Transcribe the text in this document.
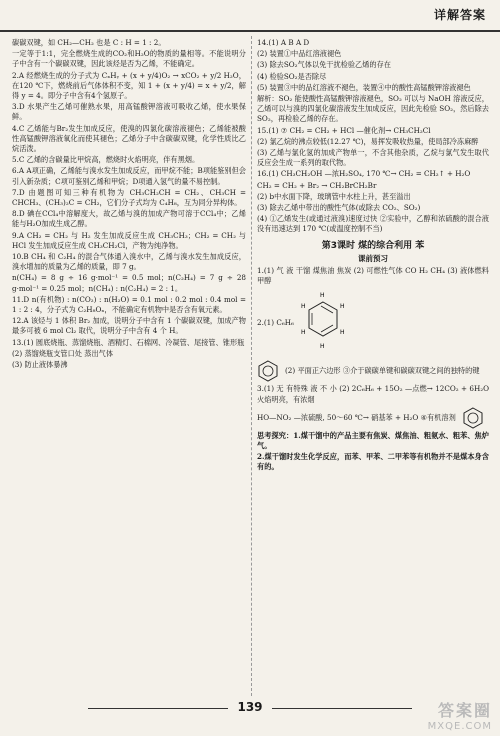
详解答案

碳碳双键，如 CH₂—CH₂ 也是 C : H = 1 : 2。

一定等于1:1，完全燃烧生成的CO₂和H₂O的物质的量相等。不能说明分子中含有一个碳碳双键，因此该烃是否为乙烯，不能确定。

2.A 经燃烧生成的分子式为 CₓHᵧ + (x + y/4)O₂ → xCO₂ + y/2 H₂O，在120 ℃下，燃烧前后气体体积不变，知 1 + (x + y/4) = x + y/2，解得 y = 4。即分子中含有4个氢原子。

3.D 水果产生乙烯可催熟水果，用高锰酸钾溶液可吸收乙烯，使水果保鲜。

4.C 乙烯能与Br₂发生加成反应，使溴的四氯化碳溶液褪色；乙烯能被酸性高锰酸钾溶液氧化而使其褪色；乙烯分子中含碳碳双键，化学性质比乙烷活泼。

5.C 乙烯的含碳量比甲烷高，燃烧时火焰明亮，伴有黑烟。

6.A A项正确，乙烯能与溴水发生加成反应，而甲烷不能；B项能鉴别但会引入新杂质；C项可鉴别乙烯和甲烷；D项通入氢气的量不易控制。

7.D 由题图可知三种有机物为 CH₃CH₂CH = CH₂、CH₃CH = CHCH₃、(CH₃)₂C = CH₂，它们分子式均为 C₄H₈，互为同分异构体。

8.D 碘在CCl₄中溶解度大，故乙烯与溴的加成产物可溶于CCl₄中；乙烯能与H₂O加成生成乙醇。

9.A CH₂ = CH₂ 与 H₂ 发生加成反应生成 CH₃CH₃；CH₂ = CH₂ 与 HCl 发生加成反应生成 CH₃CH₂Cl，产物为纯净物。

10.B CH₄ 和 C₂H₄ 的混合气体通入溴水中，乙烯与溴水发生加成反应，溴水增加的质量为乙烯的质量，即 7 g。

n(CH₄) = 8 g ÷ 16 g·mol⁻¹ = 0.5 mol；n(C₂H₄) = 7 g ÷ 28 g·mol⁻¹ = 0.25 mol；n(CH₄) : n(C₂H₄) = 2 : 1。

11.D n(有机物) : n(CO₂) : n(H₂O) = 0.1 mol : 0.2 mol : 0.4 mol = 1 : 2 : 4，分子式为 C₂H₈Oₓ，不能确定有机物中是否含有氧元素。

12.A 该烃与 1 体积 Br₂ 加成，说明分子中含有 1 个碳碳双键，加成产物最多可被 6 mol Cl₂ 取代，说明分子中含有 4 个 H。

13.(1) 圆底烧瓶、蒸馏烧瓶、酒精灯、石棉网、冷凝管、尾接管、锥形瓶

(2) 蒸馏烧瓶支管口处 蒸出气体

(3) 防止液体暴沸

14.(1) A B A D

(2) 装置①中品红溶液褪色

(3) 除去SO₂气体以免干扰检验乙烯的存在

(4) 检验SO₂是否除尽

(5) 装置③中的品红溶液不褪色，装置④中的酸性高锰酸钾溶液褪色

解析：SO₂ 能使酸性高锰酸钾溶液褪色，SO₂ 可以与 NaOH 溶液反应，乙烯可以与溴的四氯化碳溶液发生加成反应，因此先检验 SO₂，然后除去 SO₂，再检验乙烯的存在。

15.(1) ⑦ CH₂ = CH₂ + HCl —催化剂→ CH₃CH₂Cl

(2) 氯乙烷的沸点较低(12.27 ℃)，易挥发吸收热量，使局部冷冻麻醉

(3) 乙烯与氯化氢的加成产物单一，不含其他杂质，乙烷与氯气发生取代反应会生成一系列的取代物。

16.(1) CH₃CH₂OH —浓H₂SO₄, 170 ℃→ CH₂ = CH₂↑ + H₂O

CH₂ = CH₂ + Br₂ → CH₂BrCH₂Br

(2) b中水面下降，玻璃管中水柱上升，甚至溢出

(3) 除去乙烯中带出的酸性气体(或除去 CO₂、SO₂)

(4) ①乙烯发生(或通过液溴)速度过快 ②实验中，乙醇和浓硫酸的混合液没有迅速达到 170 ℃(或温度控制不当)

第3课时 煤的综合利用 苯
课前预习

1.(1) 气 液 干馏 煤焦油 焦炭 (2) 可燃性气体 CO H₂ CH₄ (3) 液体燃料 甲醇

2.(1) C₆H₆
H
H
H
H
H
H
(2) 平面正六边形 ③介于碳碳单键和碳碳双键之间的独特的键

3.(1) 无 有特殊 液 不 小 (2) 2C₆H₆ + 15O₂ —点燃→ 12CO₂ + 6H₂O 火焰明亮，有浓烟

HO—NO₂ —浓硫酸, 50～60 ℃→ 硝基苯 + H₂O ④有机溶剂

思考探究：1.煤干馏中的产品主要有焦炭、煤焦油、粗氨水、粗苯、焦炉气。

2.煤干馏时发生化学反应，而苯、甲苯、二甲苯等有机物并不是煤本身含有的。

139	答案圈
MXQE.COM
